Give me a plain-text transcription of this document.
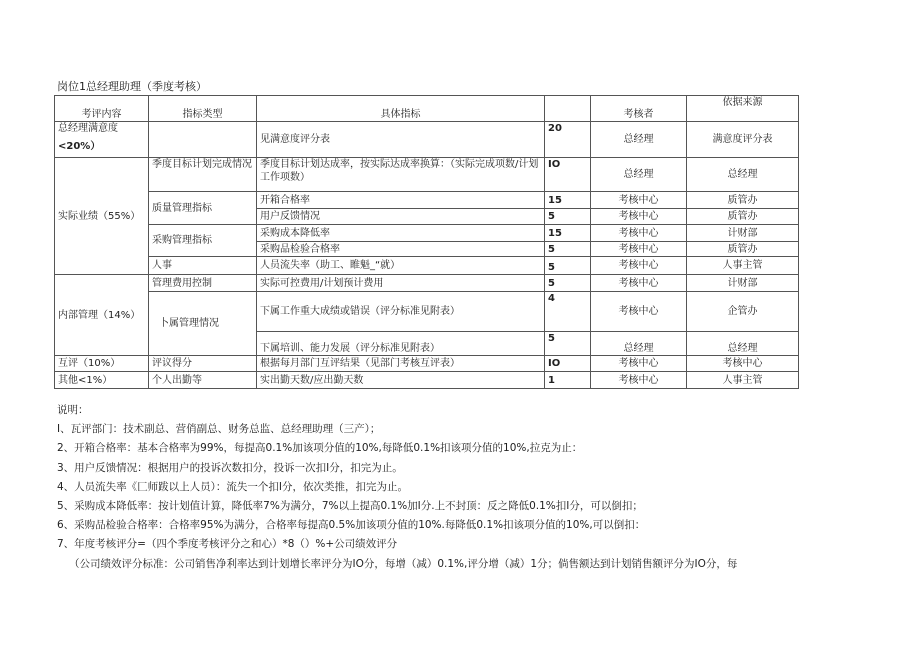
岗位1总经理助理（季度考核）
考评内容	指标类型	具体指标		考核者	依据来源

总经理满意度
<20%）		见满意度评分表	20	总经理	满意度评分表
实际业绩（55%）	季度目标计划完成情况	季度目标计划达成率，按实际达成率换算：（实际完成项数/计划工作项数）	IO	总经理	总经理
	质量管理指标	开箱合格率	15	考核中心	质管办
		用户反馈情况	5	考核中心	质管办
	采购管理指标	采购成本降低率	15	考核中心	计财部
		采购品检验合格率	5	考核中心	质管办
	人事	人员流失率（助工、睢魁_“就）	5	考核中心	人事主管
内部管理（14%）	管理费用控制	实际可控费用/计划预计费用	5	考核中心	计财部
	卜属管理情况	下属工作重大成绩或错误（评分标准见附表）	4	考核中心	企管办
		下属培训、能力发展（评分标准见附表）	5	总经理	总经理
互评（10%）	评议得分	根据每月部门互评结果（见部门考核互评表）	IO	考核中心	考核中心
其他<1%）	个人出勤等	实出勤天数/应出勤天数	1	考核中心	人事主管
说明：
I、瓦评部门：技术副总、营俏副总、财务总监、总经理助理（三产）；
2、开箱合格率：基本合格率为99%，每提高0.1%加该项分值的10%,每降低0.1%扣该项分值的10%,拉克为止：
3、用户反馈情况：根据用户的投诉次数扣分，投诉一次扣I分，扣完为止。
4、人员流失率《匚师跋以上人员）：流失一个扣I分，依次类推，扣完为止。
5、采购成本降低率：按计划值计算，降低率7%为满分，7%以上提高0.1%加I分.上不封顶：反之降低0.1%扣I分，可以倒扣；
6、采购品检验合格率：合格率95%为满分，合格率每提高0.5%加该项分值的10%.每降低0.1%扣该项分值的10%,可以倒扣：
7、年度考核评分=（四个季度考核评分之和心）*8（）%+公司绩效评分
（公司绩效评分标准：公司销售净利率达到计划增长率评分为IO分，每增（减）0.1%,评分增（减）1分；倘售额达到计划销售额评分为IO分，每
